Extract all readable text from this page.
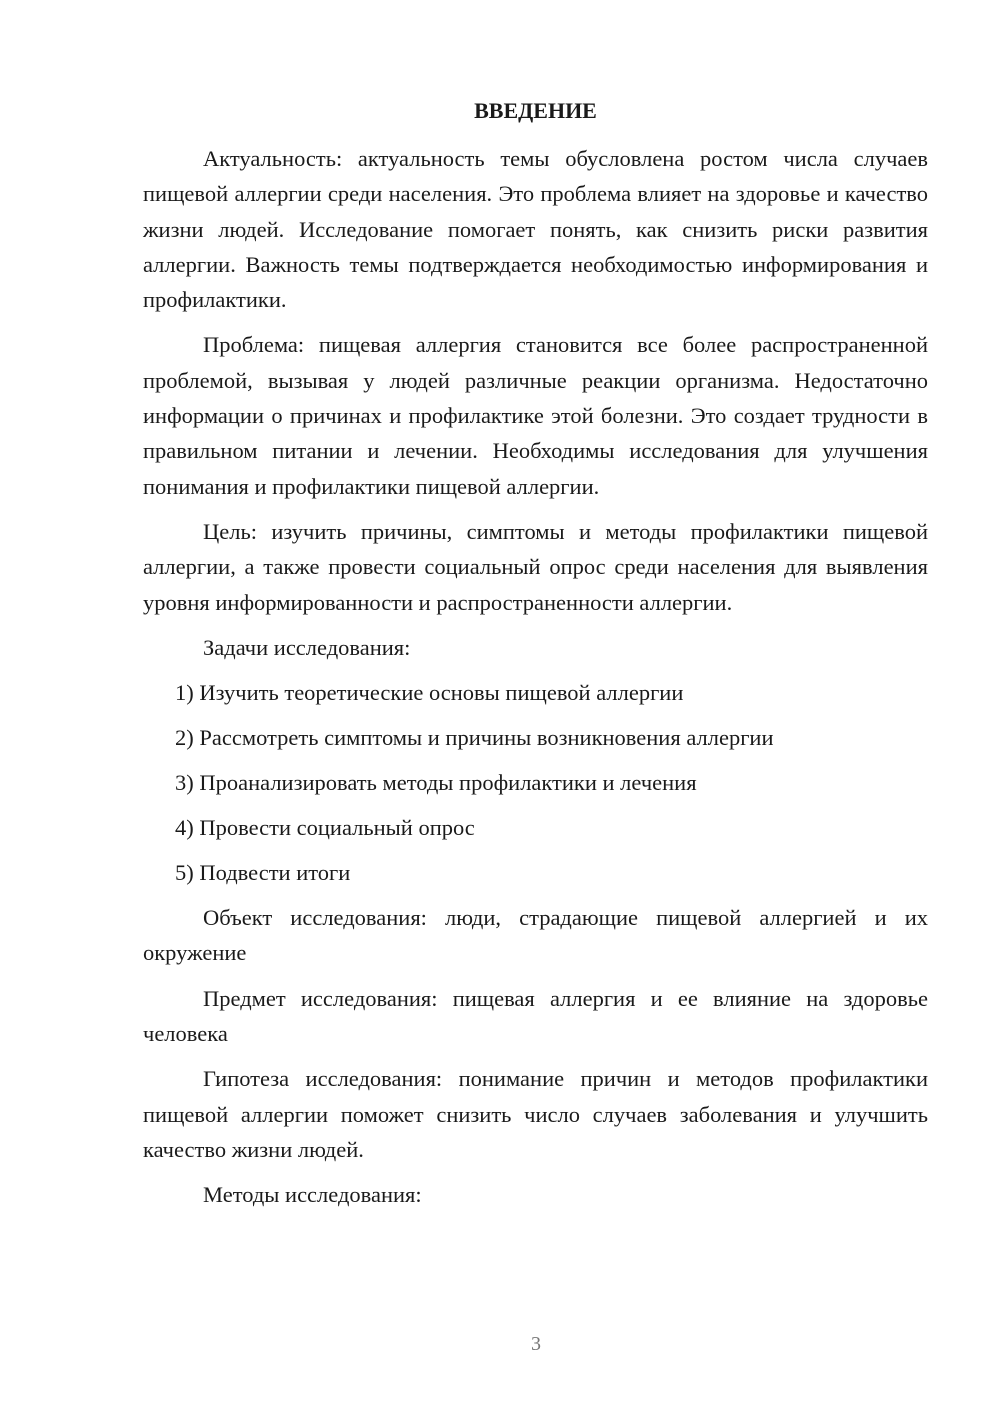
ВВЕДЕНИЕ

Актуальность: актуальность темы обусловлена ростом числа случаев пищевой аллергии среди населения. Это проблема влияет на здоровье и качество жизни людей. Исследование помогает понять, как снизить риски развития аллергии. Важность темы подтверждается необходимостью информирования и профилактики.

Проблема: пищевая аллергия становится все более распространенной проблемой, вызывая у людей различные реакции организма. Недостаточно информации о причинах и профилактике этой болезни. Это создает трудности в правильном питании и лечении. Необходимы исследования для улучшения понимания и профилактики пищевой аллергии.

Цель: изучить причины, симптомы и методы профилактики пищевой аллергии, а также провести социальный опрос среди населения для выявления уровня информированности и распространенности аллергии.

Задачи исследования:

1) Изучить теоретические основы пищевой аллергии

2) Рассмотреть симптомы и причины возникновения аллергии

3) Проанализировать методы профилактики и лечения

4) Провести социальный опрос

5) Подвести итоги

Объект исследования: люди, страдающие пищевой аллергией и их окружение

Предмет исследования: пищевая аллергия и ее влияние на здоровье человека

Гипотеза исследования: понимание причин и методов профилактики пищевой аллергии поможет снизить число случаев заболевания и улучшить качество жизни людей.

Методы исследования:

3
